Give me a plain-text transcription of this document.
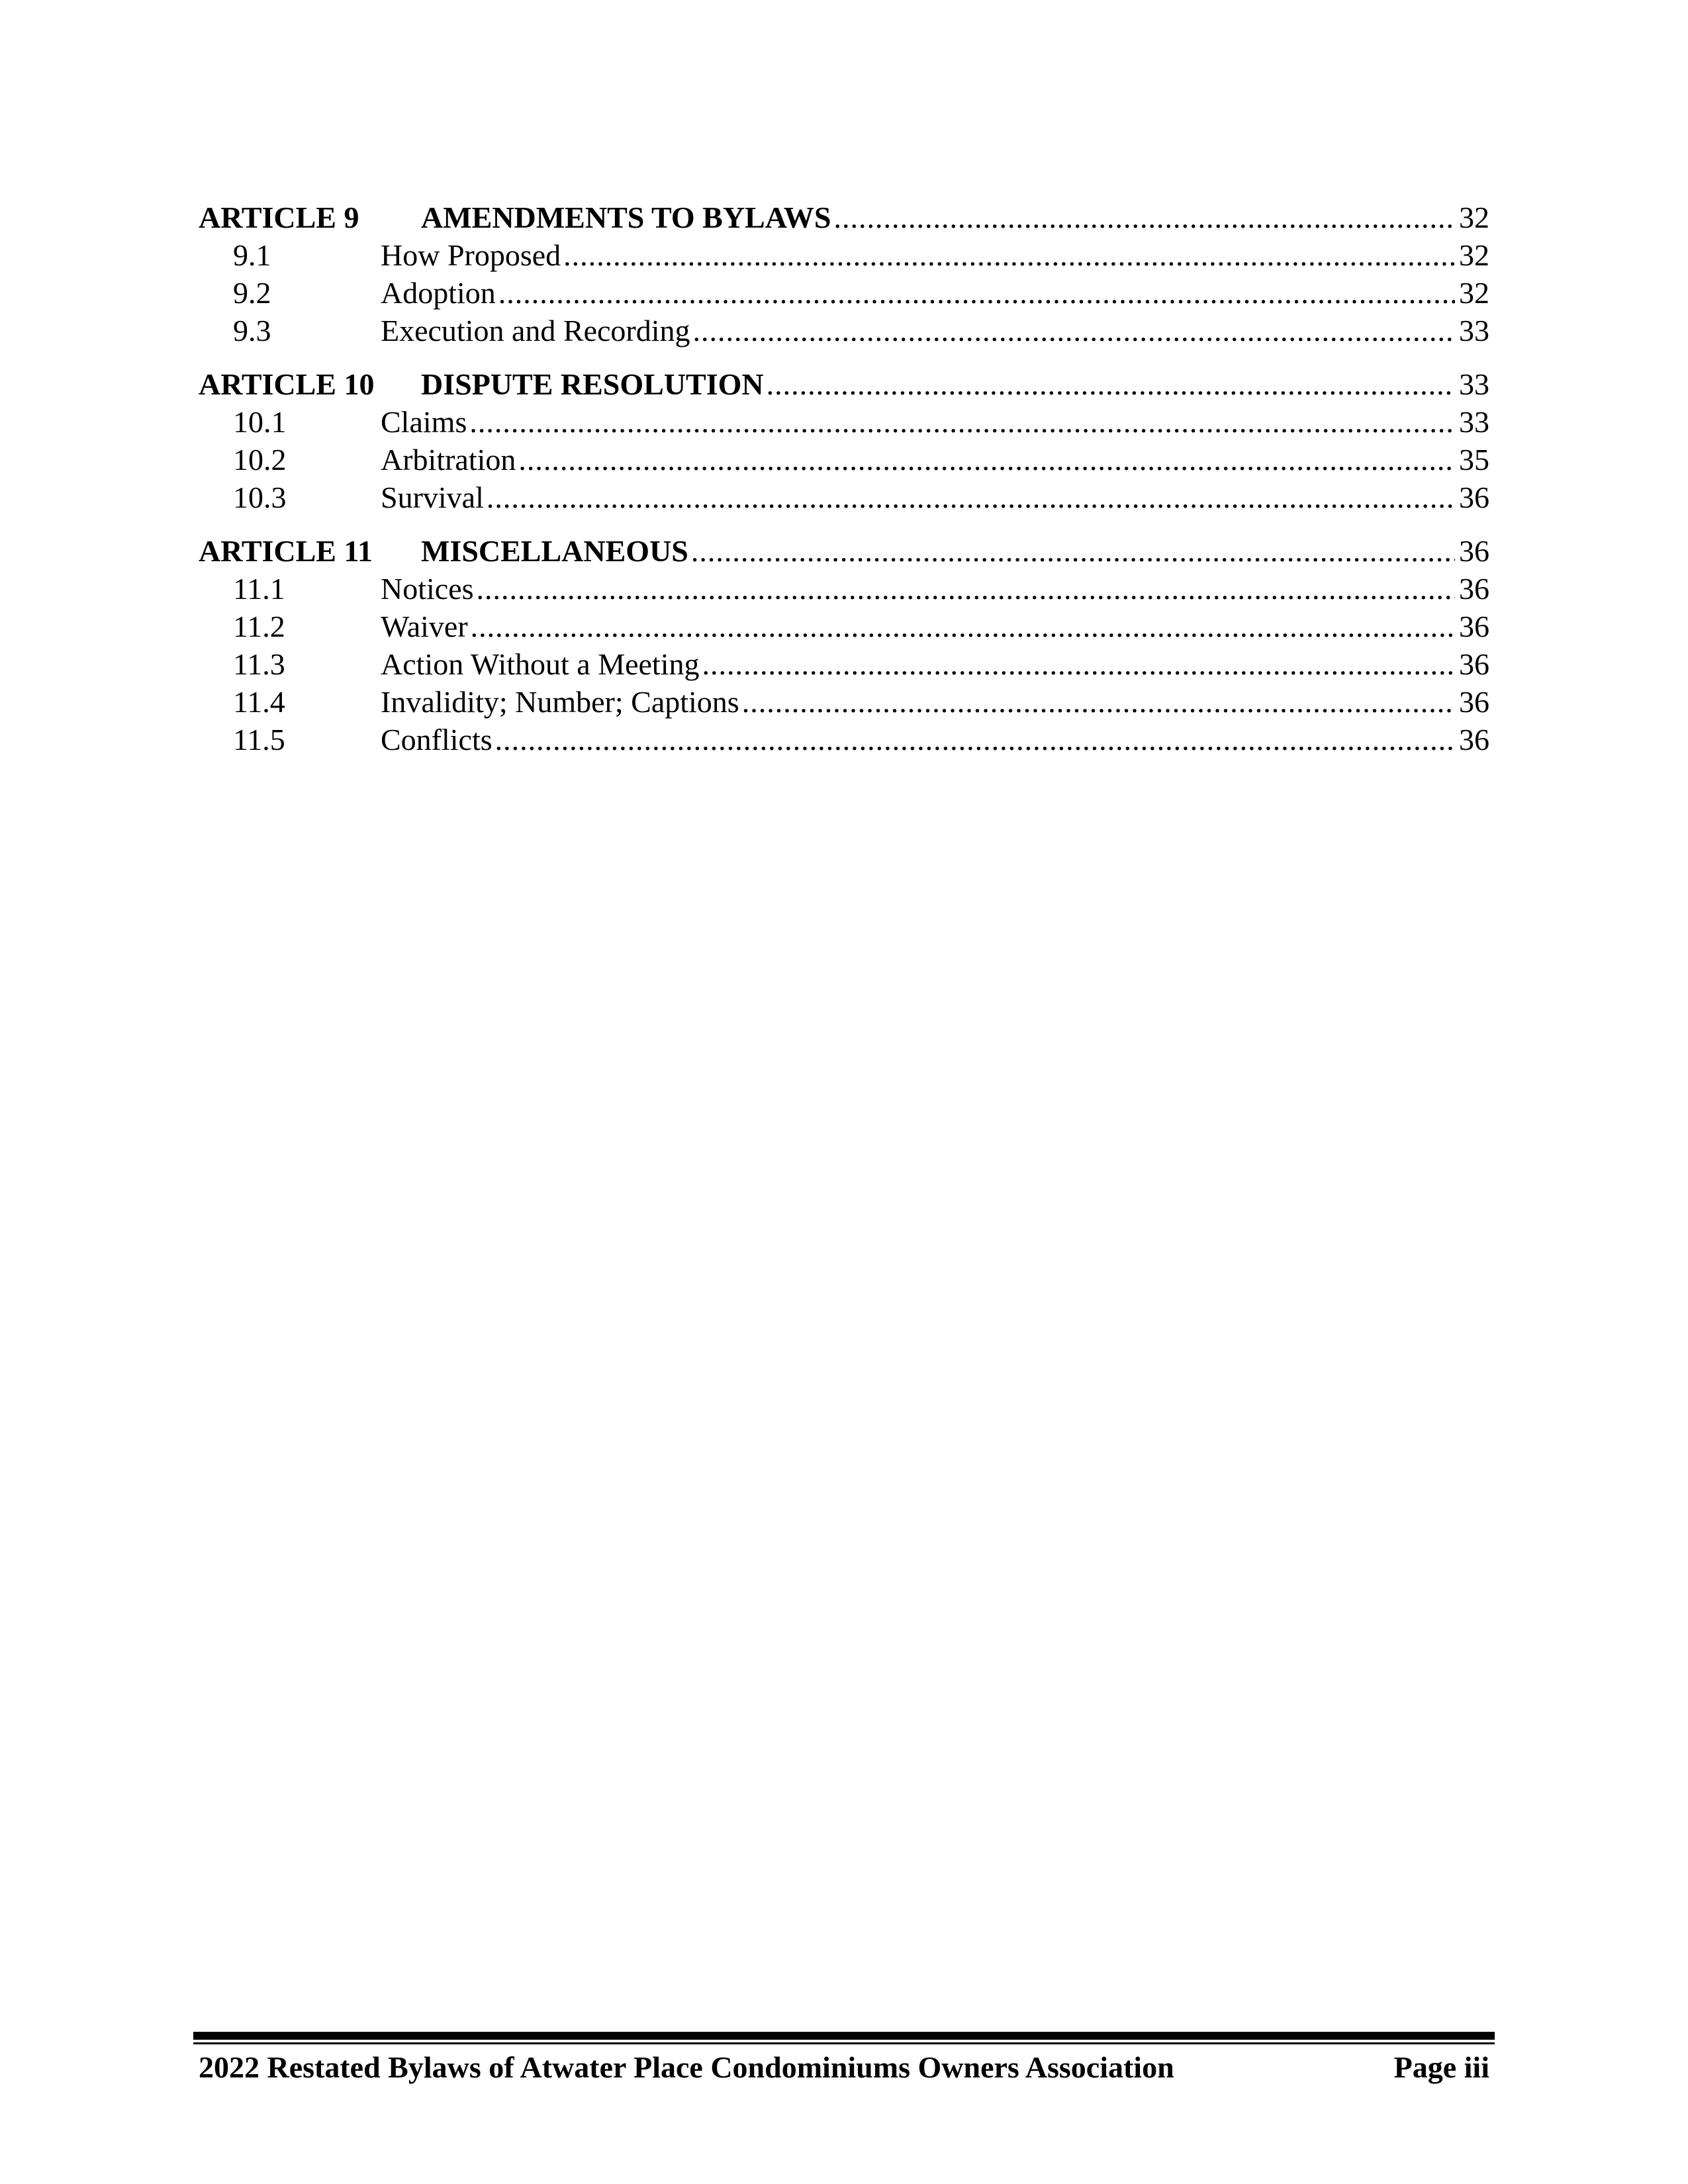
ARTICLE 9	AMENDMENTS TO BYLAWS .....	32
9.1	How Proposed .....	32
9.2	Adoption .....	32
9.3	Execution and Recording .....	33
ARTICLE 10	DISPUTE RESOLUTION .....	33
10.1	Claims .....	33
10.2	Arbitration .....	35
10.3	Survival .....	36
ARTICLE 11	MISCELLANEOUS .....	36
11.1	Notices .....	36
11.2	Waiver .....	36
11.3	Action Without a Meeting .....	36
11.4	Invalidity; Number; Captions .....	36
11.5	Conflicts .....	36
2022 Restated Bylaws of Atwater Place Condominiums Owners Association	Page iii
